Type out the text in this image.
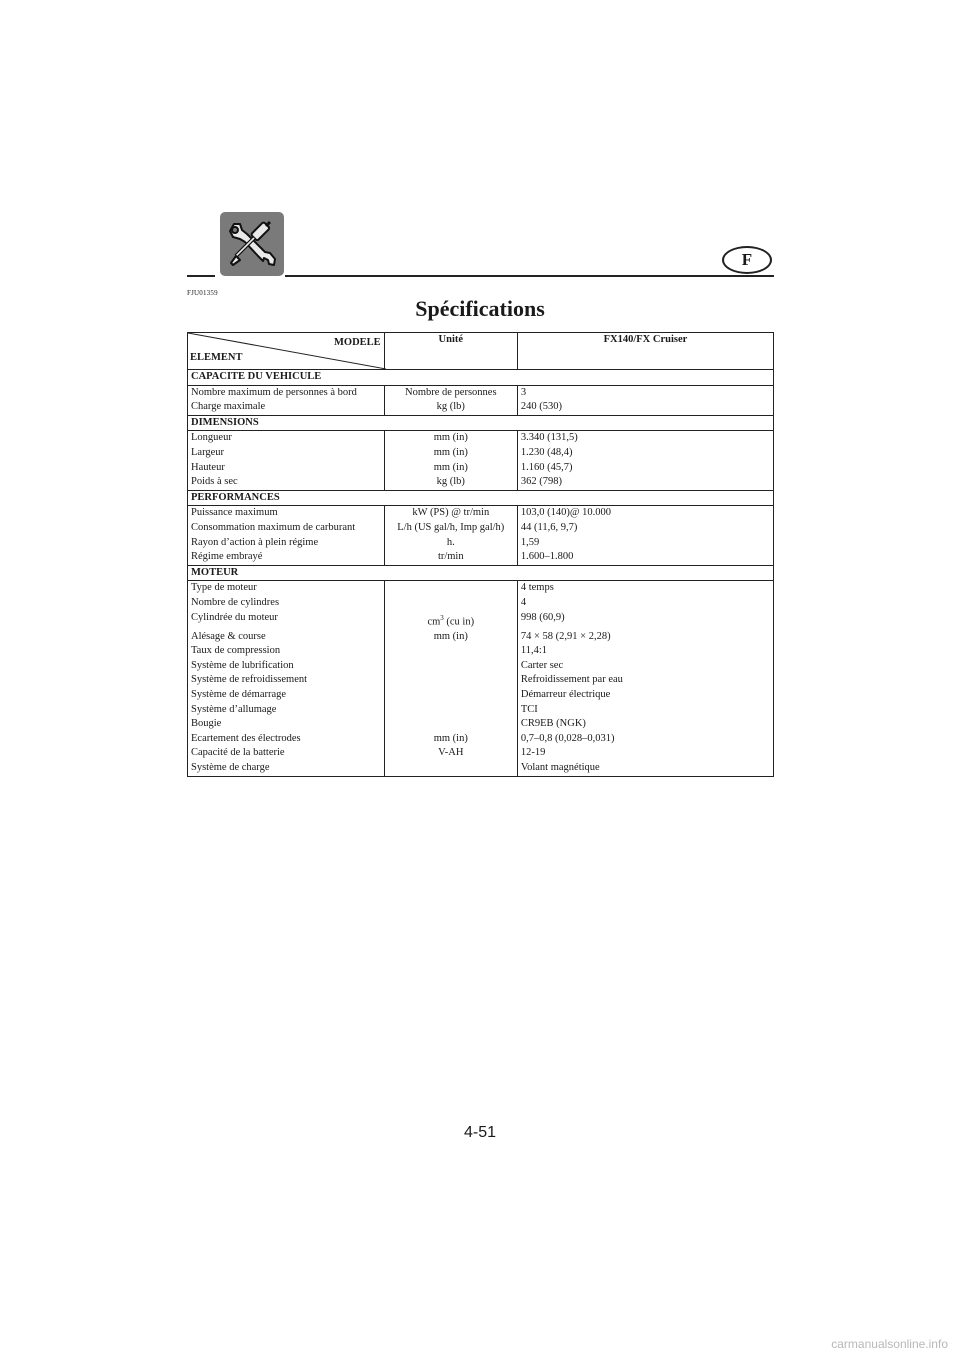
F
FJU01359
Spécifications
MODELE
ELEMENT	Unité	FX140/FX Cruiser
CAPACITE DU VEHICULE		
Nombre maximum de personnes à bord	Nombre de personnes	3
Charge maximale	kg (lb)	240 (530)
DIMENSIONS		
Longueur	mm (in)	3.340 (131,5)
Largeur	mm (in)	1.230 (48,4)
Hauteur	mm (in)	1.160 (45,7)
Poids à sec	kg (lb)	362 (798)
PERFORMANCES		
Puissance maximum	kW (PS) @ tr/min	103,0 (140)@ 10.000
Consommation maximum de carburant	L/h (US gal/h, Imp gal/h)	44 (11,6, 9,7)
Rayon d’action à plein régime	h.	1,59
Régime embrayé	tr/min	1.600–1.800
MOTEUR		
Type de moteur		4 temps
Nombre de cylindres		4
Cylindrée du moteur	$cm^3$ (cu in)	998 (60,9)
Alésage & course	mm (in)	74 × 58 (2,91 × 2,28)
Taux de compression		11,4:1
Système de lubrification		Carter sec
Système de refroidissement		Refroidissement par eau
Système de démarrage		Démarreur électrique
Système d’allumage		TCI
Bougie		CR9EB (NGK)
Ecartement des électrodes	mm (in)	0,7–0,8 (0,028–0,031)
Capacité de la batterie	V-AH	12-19
Système de charge		Volant magnétique
4-51
carmanualsonline.info
